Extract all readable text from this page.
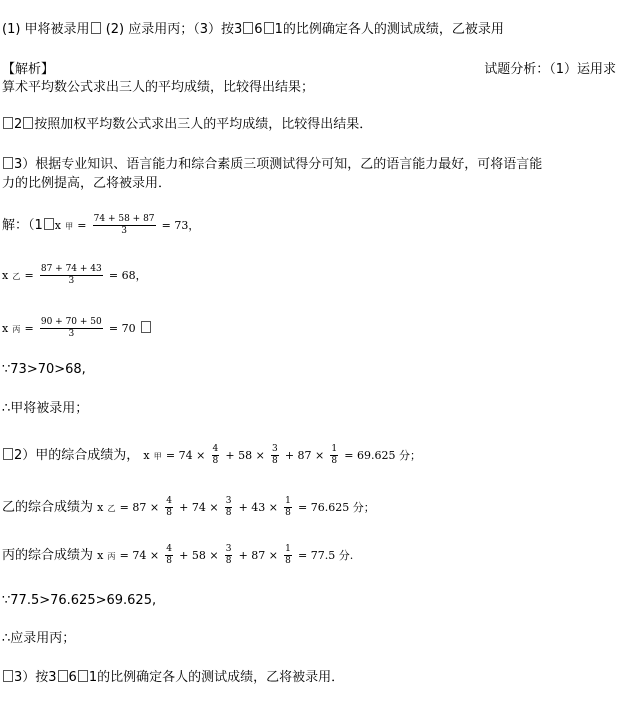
(1) 甲将被录用 (2) 应录用丙；（3）按3 6 1的比例确定各人的测试成绩，乙被录用
【解析】	试题分析：（1）运用求
算术平均数公式求出三人的平均成绩，比较得出结果；
2 按照加权平均数公式求出三人的平均成绩，比较得出结果．
3）根据专业知识、语言能力和综合素质三项测试得分可知，乙的语言能力最好，可将语言能
力的比例提高，乙将被录用．
解：（1 x 甲 = $\frac{74 + 58 + 87}{3} = 73$，
x 乙 = $\frac{87 + 74 + 43}{3} = 68$，
x 丙 = $\frac{90 + 70 + 50}{3} = 70$
∵73>70>68,
∴甲将被录用；
2）甲的综合成绩为， x 甲 = $74 \times \frac{4}{8} + 58 \times \frac{3}{8} + 87 \times \frac{1}{8} = 69.625$ 分；
乙的综合成绩为 x 乙 = $87 \times \frac{4}{8} + 74 \times \frac{3}{8} + 43 \times \frac{1}{8} = 76.625$ 分；
丙的综合成绩为 x 丙 = $74 \times \frac{4}{8} + 58 \times \frac{3}{8} + 87 \times \frac{1}{8} = 77.5$ 分.
∵77.5>76.625>69.625,
∴应录用丙；
3）按3 6 1的比例确定各人的测试成绩，乙将被录用．
